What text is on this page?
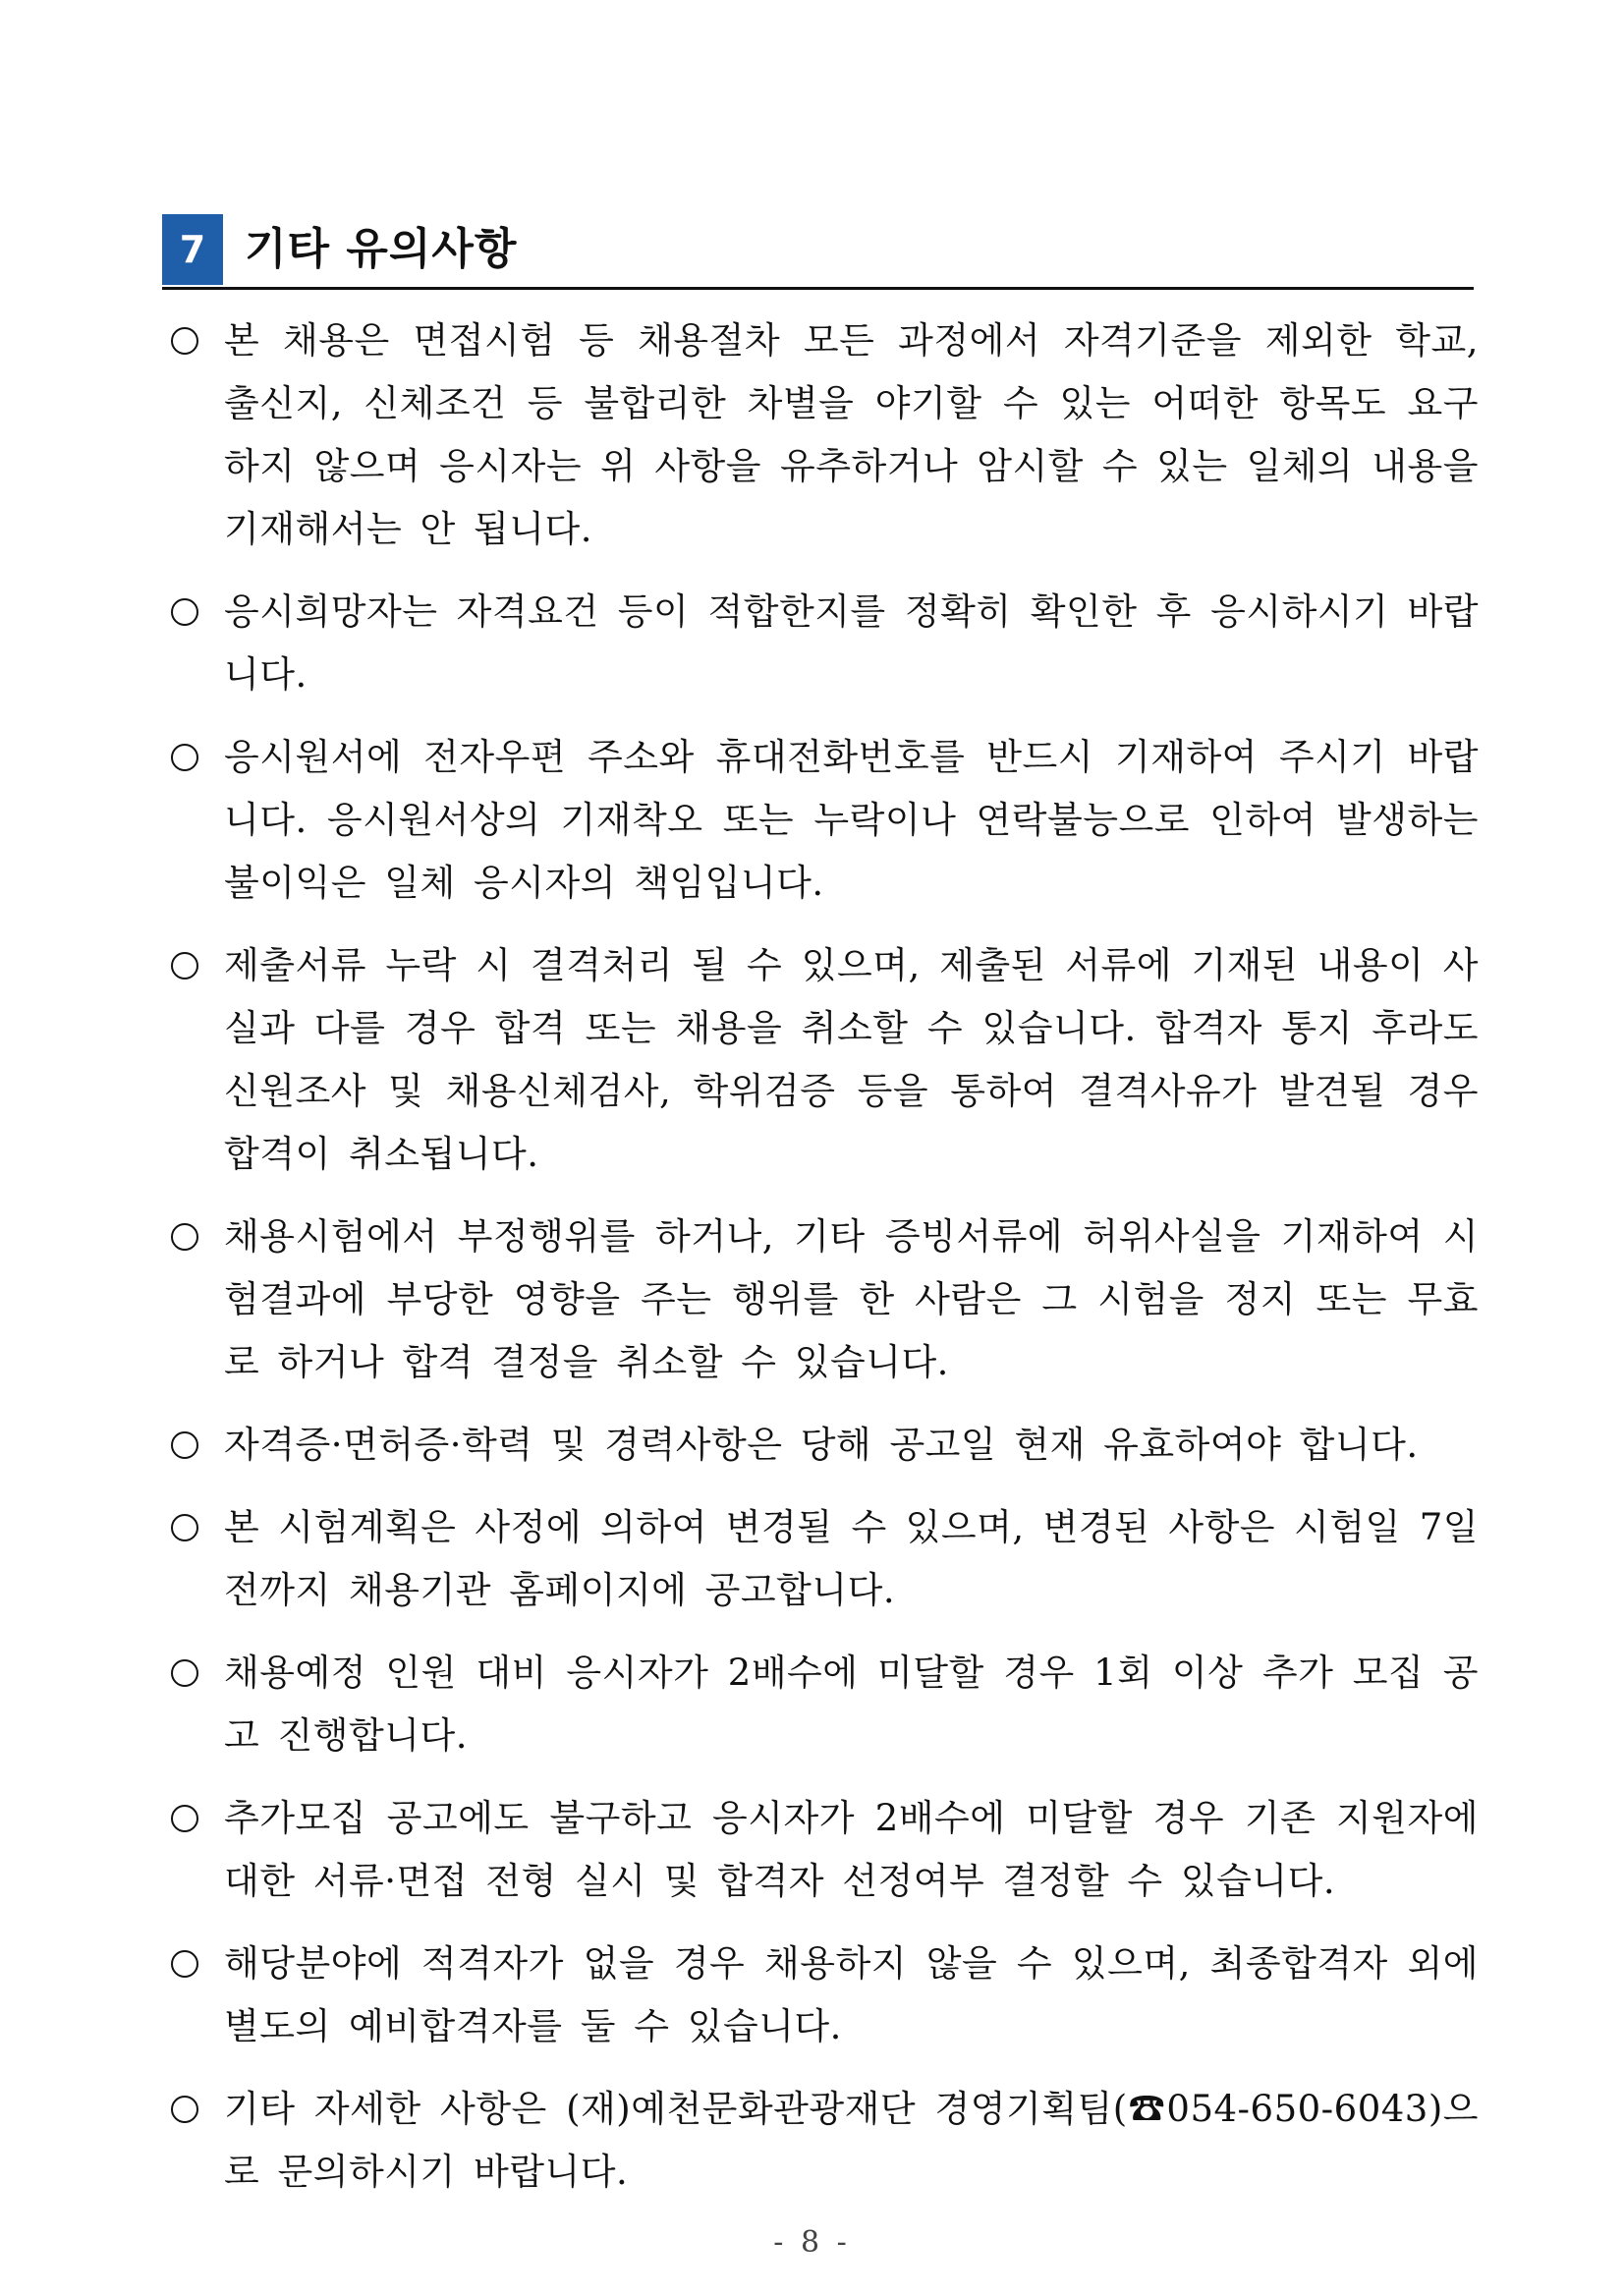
7 기타 유의사항
본 채용은 면접시험 등 채용절차 모든 과정에서 자격기준을 제외한 학교, 출신지, 신체조건 등 불합리한 차별을 야기할 수 있는 어떠한 항목도 요구하지 않으며 응시자는 위 사항을 유추하거나 암시할 수 있는 일체의 내용을 기재해서는 안 됩니다.
응시희망자는 자격요건 등이 적합한지를 정확히 확인한 후 응시하시기 바랍니다.
응시원서에 전자우편 주소와 휴대전화번호를 반드시 기재하여 주시기 바랍니다. 응시원서상의 기재착오 또는 누락이나 연락불능으로 인하여 발생하는 불이익은 일체 응시자의 책임입니다.
제출서류 누락 시 결격처리 될 수 있으며, 제출된 서류에 기재된 내용이 사실과 다를 경우 합격 또는 채용을 취소할 수 있습니다. 합격자 통지 후라도 신원조사 및 채용신체검사, 학위검증 등을 통하여 결격사유가 발견될 경우 합격이 취소됩니다.
채용시험에서 부정행위를 하거나, 기타 증빙서류에 허위사실을 기재하여 시험결과에 부당한 영향을 주는 행위를 한 사람은 그 시험을 정지 또는 무효로 하거나 합격 결정을 취소할 수 있습니다.
자격증·면허증·학력 및 경력사항은 당해 공고일 현재 유효하여야 합니다.
본 시험계획은 사정에 의하여 변경될 수 있으며, 변경된 사항은 시험일 7일 전까지 채용기관 홈페이지에 공고합니다.
채용예정 인원 대비 응시자가 2배수에 미달할 경우 1회 이상 추가 모집 공고 진행합니다.
추가모집 공고에도 불구하고 응시자가 2배수에 미달할 경우 기존 지원자에 대한 서류·면접 전형 실시 및 합격자 선정여부 결정할 수 있습니다.
해당분야에 적격자가 없을 경우 채용하지 않을 수 있으며, 최종합격자 외에 별도의 예비합격자를 둘 수 있습니다.
기타 자세한 사항은 (재)예천문화관광재단 경영기획팀(☎054-650-6043)으로 문의하시기 바랍니다.
- 8 -
